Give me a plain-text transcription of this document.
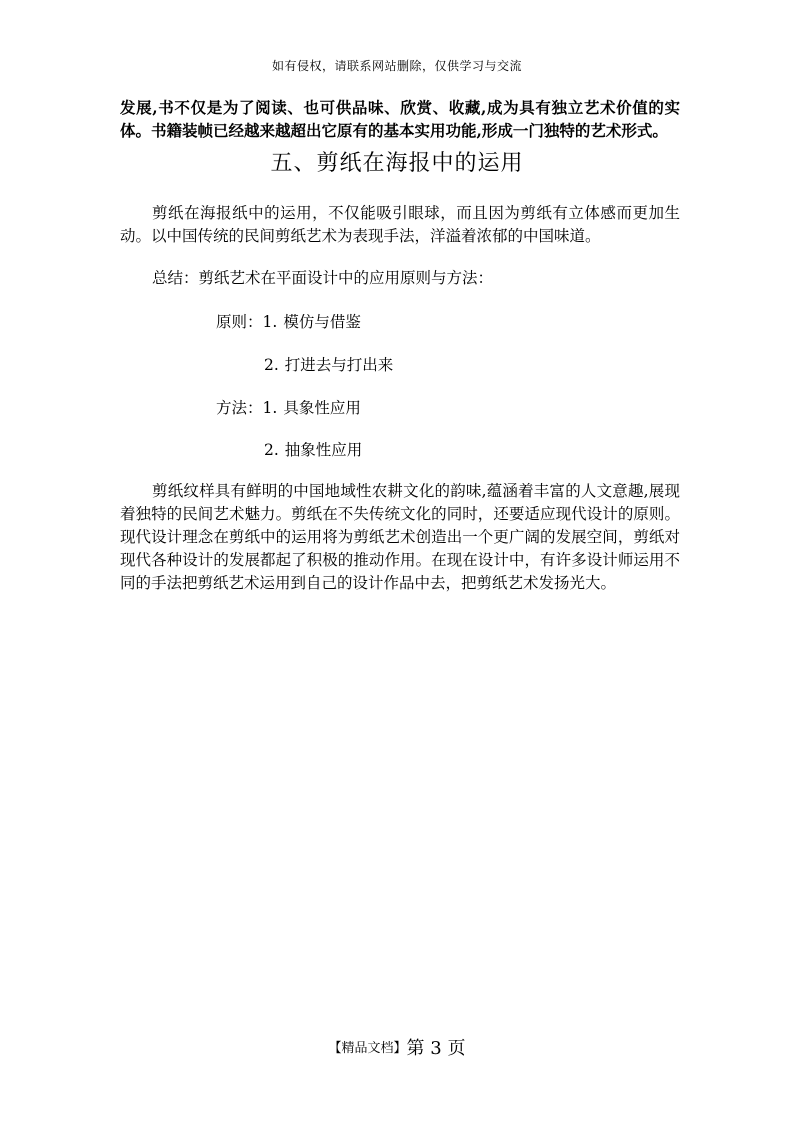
如有侵权，请联系网站删除，仅供学习与交流

发展,书不仅是为了阅读、也可供品味、欣赏、收藏,成为具有独立艺术价值的实体。书籍装帧已经越来越超出它原有的基本实用功能,形成一门独特的艺术形式。

五、剪纸在海报中的运用

剪纸在海报纸中的运用，不仅能吸引眼球，而且因为剪纸有立体感而更加生动。以中国传统的民间剪纸艺术为表现手法，洋溢着浓郁的中国味道。

总结：剪纸艺术在平面设计中的应用原则与方法：

原则：1. 模仿与借鉴
2. 打进去与打出来
方法：1. 具象性应用
2. 抽象性应用

剪纸纹样具有鲜明的中国地域性农耕文化的韵味,蕴涵着丰富的人文意趣,展现着独特的民间艺术魅力。剪纸在不失传统文化的同时，还要适应现代设计的原则。现代设计理念在剪纸中的运用将为剪纸艺术创造出一个更广阔的发展空间，剪纸对现代各种设计的发展都起了积极的推动作用。在现在设计中，有许多设计师运用不同的手法把剪纸艺术运用到自己的设计作品中去，把剪纸艺术发扬光大。

【精品文档】第 3 页
